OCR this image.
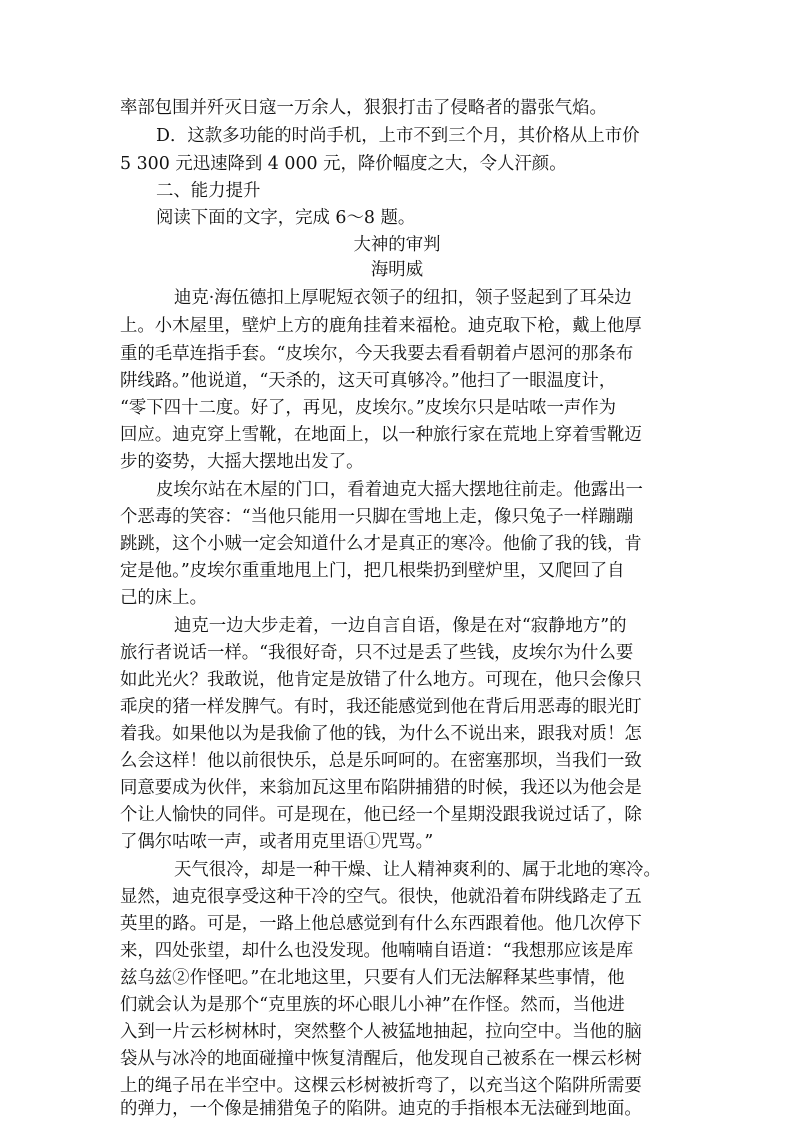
率部包围并歼灭日寇一万余人，狠狠打击了侵略者的嚣张气焰。
D．这款多功能的时尚手机，上市不到三个月，其价格从上市价
5 300 元迅速降到 4 000 元，降价幅度之大，令人汗颜。
二、能力提升
阅读下面的文字，完成 6～8 题。
大神的审判
海明威
迪克·海伍德扣上厚呢短衣领子的纽扣，领子竖起到了耳朵边
上。小木屋里，壁炉上方的鹿角挂着来福枪。迪克取下枪，戴上他厚
重的毛草连指手套。“皮埃尔，今天我要去看看朝着卢恩河的那条布
阱线路。”他说道，“天杀的，这天可真够冷。”他扫了一眼温度计，
“零下四十二度。好了，再见，皮埃尔。”皮埃尔只是咕哝一声作为
回应。迪克穿上雪靴，在地面上，以一种旅行家在荒地上穿着雪靴迈
步的姿势，大摇大摆地出发了。
皮埃尔站在木屋的门口，看着迪克大摇大摆地往前走。他露出一
个恶毒的笑容：“当他只能用一只脚在雪地上走，像只兔子一样蹦蹦
跳跳，这个小贼一定会知道什么才是真正的寒冷。他偷了我的钱，肯
定是他。”皮埃尔重重地甩上门，把几根柴扔到壁炉里，又爬回了自
己的床上。
迪克一边大步走着，一边自言自语，像是在对“寂静地方”的
旅行者说话一样。“我很好奇，只不过是丢了些钱，皮埃尔为什么要
如此光火？我敢说，他肯定是放错了什么地方。可现在，他只会像只
乖戾的猪一样发脾气。有时，我还能感觉到他在背后用恶毒的眼光盯
着我。如果他以为是我偷了他的钱，为什么不说出来，跟我对质！怎
么会这样！他以前很快乐，总是乐呵呵的。在密塞那坝，当我们一致
同意要成为伙伴，来翁加瓦这里布陷阱捕猎的时候，我还以为他会是
个让人愉快的同伴。可是现在，他已经一个星期没跟我说过话了，除
了偶尔咕哝一声，或者用克里语①咒骂。”
天气很冷，却是一种干燥、让人精神爽利的、属于北地的寒冷。
显然，迪克很享受这种干冷的空气。很快，他就沿着布阱线路走了五
英里的路。可是，一路上他总感觉到有什么东西跟着他。他几次停下
来，四处张望，却什么也没发现。他喃喃自语道：“我想那应该是库
兹乌兹②作怪吧。”在北地这里，只要有人们无法解释某些事情，他
们就会认为是那个“克里族的坏心眼儿小神”在作怪。然而，当他进
入到一片云杉树林时，突然整个人被猛地抽起，拉向空中。当他的脑
袋从与冰冷的地面碰撞中恢复清醒后，他发现自己被系在一棵云杉树
上的绳子吊在半空中。这棵云杉树被折弯了，以充当这个陷阱所需要
的弹力，一个像是捕猎兔子的陷阱。迪克的手指根本无法碰到地面。
